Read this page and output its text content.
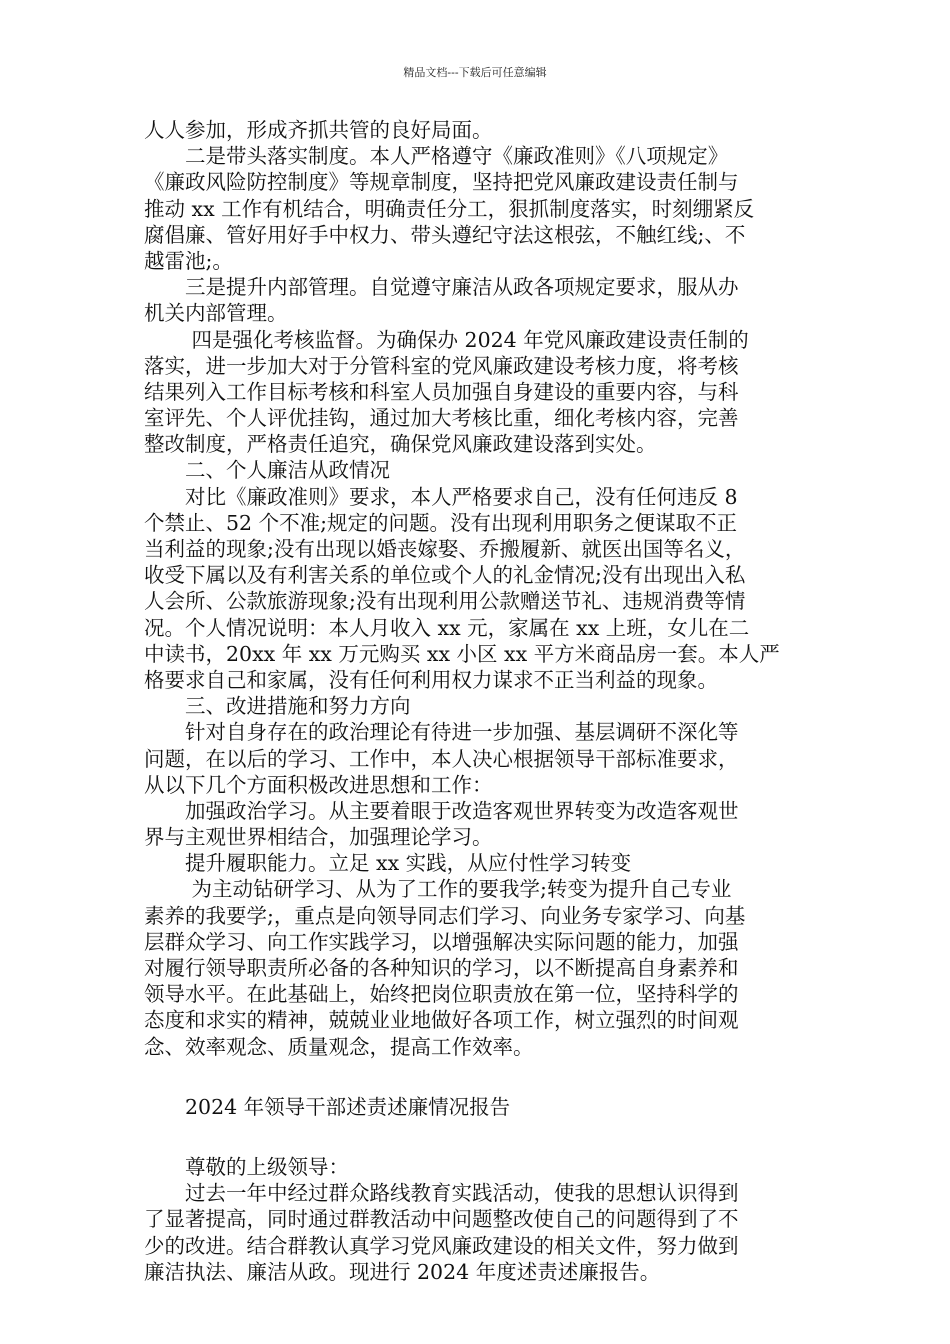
精品文档---下载后可任意编辑
人人参加，形成齐抓共管的良好局面。
　　二是带头落实制度。本人严格遵守《廉政准则》《八项规定》
《廉政风险防控制度》等规章制度，坚持把党风廉政建设责任制与
推动 xx 工作有机结合，明确责任分工，狠抓制度落实，时刻绷紧反
腐倡廉、管好用好手中权力、带头遵纪守法这根弦，不触红线;、不
越雷池;。
　　三是提升内部管理。自觉遵守廉洁从政各项规定要求，服从办
机关内部管理。
　　 四是强化考核监督。为确保办 2024 年党风廉政建设责任制的
落实，进一步加大对于分管科室的党风廉政建设考核力度，将考核
结果列入工作目标考核和科室人员加强自身建设的重要内容，与科
室评先、个人评优挂钩，通过加大考核比重，细化考核内容，完善
整改制度，严格责任追究，确保党风廉政建设落到实处。
　　二、个人廉洁从政情况
　　对比《廉政准则》要求，本人严格要求自己，没有任何违反 8
个禁止、52 个不准;规定的问题。没有出现利用职务之便谋取不正
当利益的现象;没有出现以婚丧嫁娶、乔搬履新、就医出国等名义，
收受下属以及有利害关系的单位或个人的礼金情况;没有出现出入私
人会所、公款旅游现象;没有出现利用公款赠送节礼、违规消费等情
况。个人情况说明：本人月收入 xx 元，家属在 xx 上班，女儿在二
中读书，20xx 年 xx 万元购买 xx 小区 xx 平方米商品房一套。本人严
格要求自己和家属，没有任何利用权力谋求不正当利益的现象。
　　三、改进措施和努力方向
　　针对自身存在的政治理论有待进一步加强、基层调研不深化等
问题，在以后的学习、工作中，本人决心根据领导干部标准要求，
从以下几个方面积极改进思想和工作：
　　加强政治学习。从主要着眼于改造客观世界转变为改造客观世
界与主观世界相结合，加强理论学习。
　　提升履职能力。立足 xx 实践，从应付性学习转变
　　 为主动钻研学习、从为了工作的要我学;转变为提升自己专业
素养的我要学;，重点是向领导同志们学习、向业务专家学习、向基
层群众学习、向工作实践学习，以增强解决实际问题的能力，加强
对履行领导职责所必备的各种知识的学习，以不断提高自身素养和
领导水平。在此基础上，始终把岗位职责放在第一位，坚持科学的
态度和求实的精神，兢兢业业地做好各项工作，树立强烈的时间观
念、效率观念、质量观念，提高工作效率。
　　2024 年领导干部述责述廉情况报告
　　尊敬的上级领导：
　　过去一年中经过群众路线教育实践活动，使我的思想认识得到
了显著提高，同时通过群教活动中问题整改使自己的问题得到了不
少的改进。结合群教认真学习党风廉政建设的相关文件，努力做到
廉洁执法、廉洁从政。现进行 2024 年度述责述廉报告。
